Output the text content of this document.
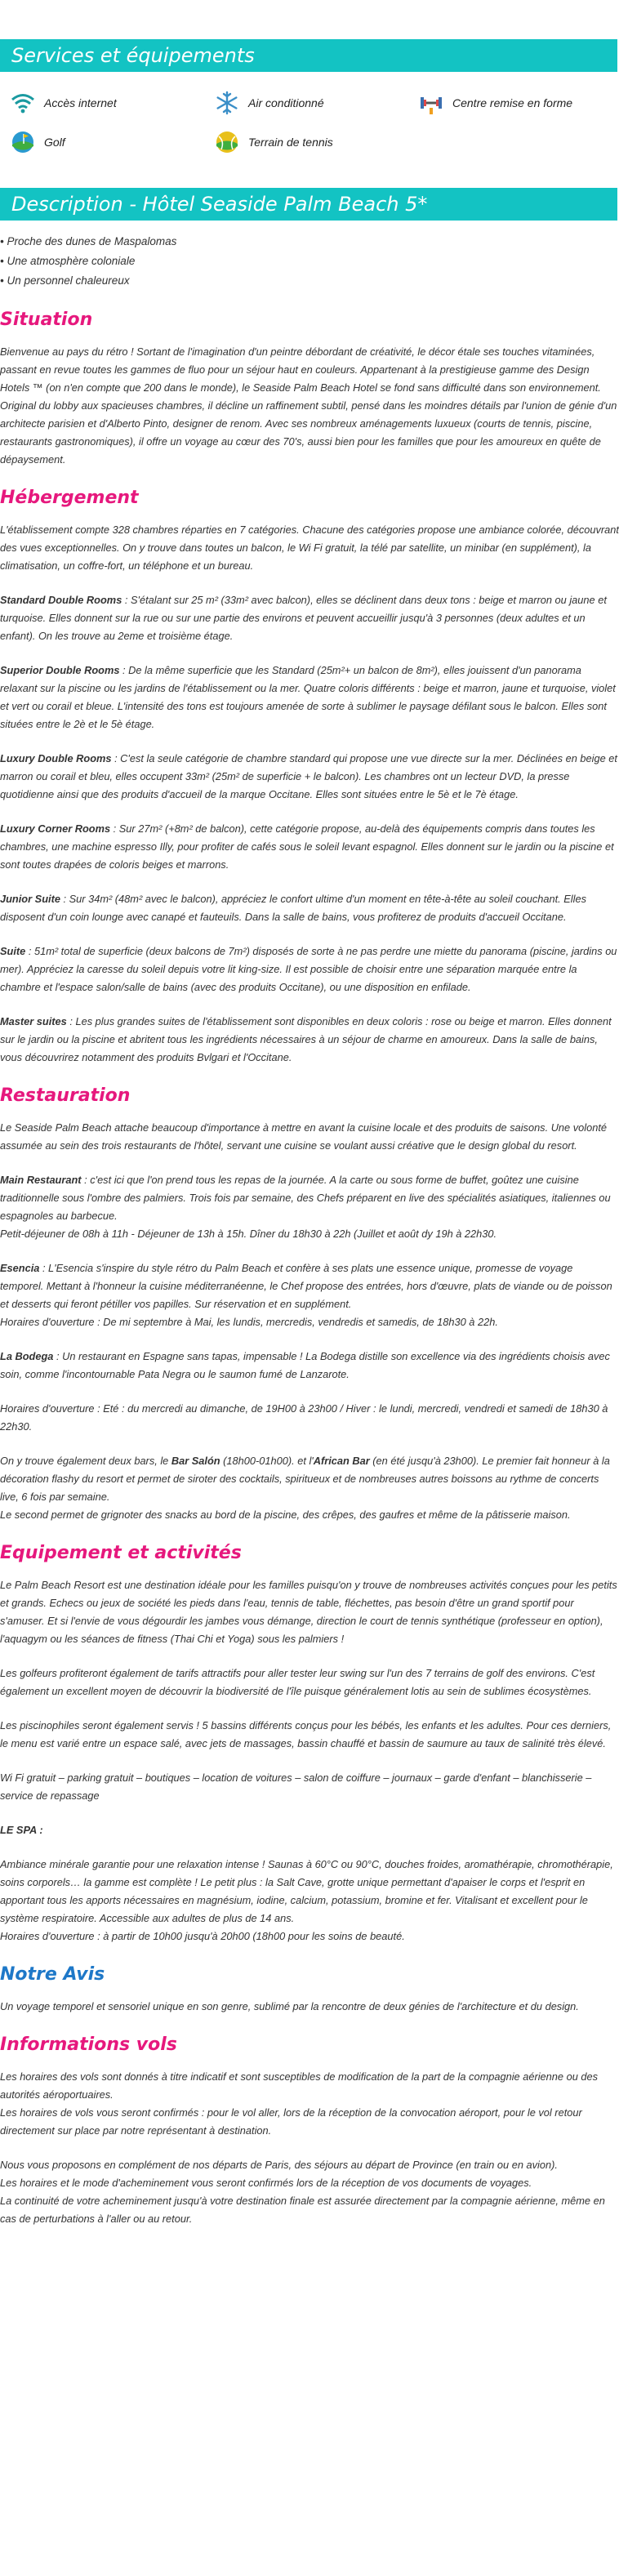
Services et équipements
Accès internet	Air conditionné	Centre remise en forme
Golf	Terrain de tennis
Description - Hôtel Seaside Palm Beach 5*
• Proche des dunes de Maspalomas
• Une atmosphère coloniale
• Un personnel chaleureux
Situation

Bienvenue au pays du rétro ! Sortant de l'imagination d'un peintre débordant de créativité, le décor étale ses touches vitaminées, passant en revue toutes les gammes de fluo pour un séjour haut en couleurs. Appartenant à la prestigieuse gamme des Design Hotels ™ (on n'en compte que 200 dans le monde), le Seaside Palm Beach Hotel se fond sans difficulté dans son environnement. Original du lobby aux spacieuses chambres, il décline un raffinement subtil, pensé dans les moindres détails par l'union de génie d'un architecte parisien et d'Alberto Pinto, designer de renom. Avec ses nombreux aménagements luxueux (courts de tennis, piscine, restaurants gastronomiques), il offre un voyage au cœur des 70's, aussi bien pour les familles que pour les amoureux en quête de dépaysement.

Hébergement

L'établissement compte 328 chambres réparties en 7 catégories. Chacune des catégories propose une ambiance colorée, découvrant des vues exceptionnelles. On y trouve dans toutes un balcon, le Wi Fi gratuit, la télé par satellite, un minibar (en supplément), la climatisation, un coffre-fort, un téléphone et un bureau.

Standard Double Rooms : S'étalant sur 25 m² (33m² avec balcon), elles se déclinent dans deux tons : beige et marron ou jaune et turquoise. Elles donnent sur la rue ou sur une partie des environs et peuvent accueillir jusqu'à 3 personnes (deux adultes et un enfant). On les trouve au 2eme et troisième étage.

Superior Double Rooms : De la même superficie que les Standard (25m²+ un balcon de 8m²), elles jouissent d'un panorama relaxant sur la piscine ou les jardins de l'établissement ou la mer. Quatre coloris différents : beige et marron, jaune et turquoise, violet et vert ou corail et bleue. L'intensité des tons est toujours amenée de sorte à sublimer le paysage défilant sous le balcon. Elles sont situées entre le 2è et le 5è étage.

Luxury Double Rooms : C'est la seule catégorie de chambre standard qui propose une vue directe sur la mer. Déclinées en beige et marron ou corail et bleu, elles occupent 33m² (25m² de superficie + le balcon). Les chambres ont un lecteur DVD, la presse quotidienne ainsi que des produits d'accueil de la marque Occitane. Elles sont situées entre le 5è et le 7è étage.

Luxury Corner Rooms : Sur 27m² (+8m² de balcon), cette catégorie propose, au-delà des équipements compris dans toutes les chambres, une machine espresso Illy, pour profiter de cafés sous le soleil levant espagnol. Elles donnent sur le jardin ou la piscine et sont toutes drapées de coloris beiges et marrons.

Junior Suite : Sur 34m² (48m² avec le balcon), appréciez le confort ultime d'un moment en tête-à-tête au soleil couchant. Elles disposent d'un coin lounge avec canapé et fauteuils. Dans la salle de bains, vous profiterez de produits d'accueil Occitane.

Suite : 51m² total de superficie (deux balcons de 7m²) disposés de sorte à ne pas perdre une miette du panorama (piscine, jardins ou mer). Appréciez la caresse du soleil depuis votre lit king-size. Il est possible de choisir entre une séparation marquée entre la chambre et l'espace salon/salle de bains (avec des produits Occitane), ou une disposition en enfilade.

Master suites : Les plus grandes suites de l'établissement sont disponibles en deux coloris : rose ou beige et marron. Elles donnent sur le jardin ou la piscine et abritent tous les ingrédients nécessaires à un séjour de charme en amoureux. Dans la salle de bains, vous découvrirez notamment des produits Bvlgari et l'Occitane.

Restauration

Le Seaside Palm Beach attache beaucoup d'importance à mettre en avant la cuisine locale et des produits de saisons. Une volonté assumée au sein des trois restaurants de l'hôtel, servant une cuisine se voulant aussi créative que le design global du resort.

Main Restaurant : c'est ici que l'on prend tous les repas de la journée. A la carte ou sous forme de buffet, goûtez une cuisine traditionnelle sous l'ombre des palmiers. Trois fois par semaine, des Chefs préparent en live des spécialités asiatiques, italiennes ou espagnoles au barbecue.
Petit-déjeuner de 08h à 11h - Déjeuner de 13h à 15h. Dîner du 18h30 à 22h (Juillet et août dy 19h à 22h30.

Esencia : L'Esencia s'inspire du style rétro du Palm Beach et confère à ses plats une essence unique, promesse de voyage temporel. Mettant à l'honneur la cuisine méditerranéenne, le Chef propose des entrées, hors d'œuvre, plats de viande ou de poisson et desserts qui feront pétiller vos papilles. Sur réservation et en supplément.
Horaires d'ouverture : De mi septembre à Mai, les lundis, mercredis, vendredis et samedis, de 18h30 à 22h.

La Bodega : Un restaurant en Espagne sans tapas, impensable ! La Bodega distille son excellence via des ingrédients choisis avec soin, comme l'incontournable Pata Negra ou le saumon fumé de Lanzarote.

Horaires d'ouverture : Eté : du mercredi au dimanche, de 19H00 à 23h00 / Hiver : le lundi, mercredi, vendredi et samedi de 18h30 à 22h30.

On y trouve également deux bars, le Bar Salón (18h00-01h00). et l'African Bar (en été jusqu'à 23h00). Le premier fait honneur à la décoration flashy du resort et permet de siroter des cocktails, spiritueux et de nombreuses autres boissons au rythme de concerts live, 6 fois par semaine.
Le second permet de grignoter des snacks au bord de la piscine, des crêpes, des gaufres et même de la pâtisserie maison.

Equipement et activités

Le Palm Beach Resort est une destination idéale pour les familles puisqu'on y trouve de nombreuses activités conçues pour les petits et grands. Echecs ou jeux de société les pieds dans l'eau, tennis de table, fléchettes, pas besoin d'être un grand sportif pour s'amuser. Et si l'envie de vous dégourdir les jambes vous démange, direction le court de tennis synthétique (professeur en option), l'aquagym ou les séances de fitness (Thai Chi et Yoga) sous les palmiers !

Les golfeurs profiteront également de tarifs attractifs pour aller tester leur swing sur l'un des 7 terrains de golf des environs. C'est également un excellent moyen de découvrir la biodiversité de l'île puisque généralement lotis au sein de sublimes écosystèmes.

Les piscinophiles seront également servis ! 5 bassins différents conçus pour les bébés, les enfants et les adultes. Pour ces derniers, le menu est varié entre un espace salé, avec jets de massages, bassin chauffé et bassin de saumure au taux de salinité très élevé.

Wi Fi gratuit – parking gratuit – boutiques – location de voitures – salon de coiffure – journaux – garde d'enfant – blanchisserie – service de repassage

LE SPA :

Ambiance minérale garantie pour une relaxation intense ! Saunas à 60°C ou 90°C, douches froides, aromathérapie, chromothérapie, soins corporels… la gamme est complète ! Le petit plus : la Salt Cave, grotte unique permettant d'apaiser le corps et l'esprit en apportant tous les apports nécessaires en magnésium, iodine, calcium, potassium, bromine et fer. Vitalisant et excellent pour le système respiratoire. Accessible aux adultes de plus de 14 ans.
Horaires d'ouverture : à partir de 10h00 jusqu'à 20h00 (18h00 pour les soins de beauté.

Notre Avis

Un voyage temporel et sensoriel unique en son genre, sublimé par la rencontre de deux génies de l'architecture et du design.

Informations vols

Les horaires des vols sont donnés à titre indicatif et sont susceptibles de modification de la part de la compagnie aérienne ou des autorités aéroportuaires.
Les horaires de vols vous seront confirmés : pour le vol aller, lors de la réception de la convocation aéroport, pour le vol retour directement sur place par notre représentant à destination.

Nous vous proposons en complément de nos départs de Paris, des séjours au départ de Province (en train ou en avion).
Les horaires et le mode d'acheminement vous seront confirmés lors de la réception de vos documents de voyages.
La continuité de votre acheminement jusqu'à votre destination finale est assurée directement par la compagnie aérienne, même en cas de perturbations à l'aller ou au retour.
